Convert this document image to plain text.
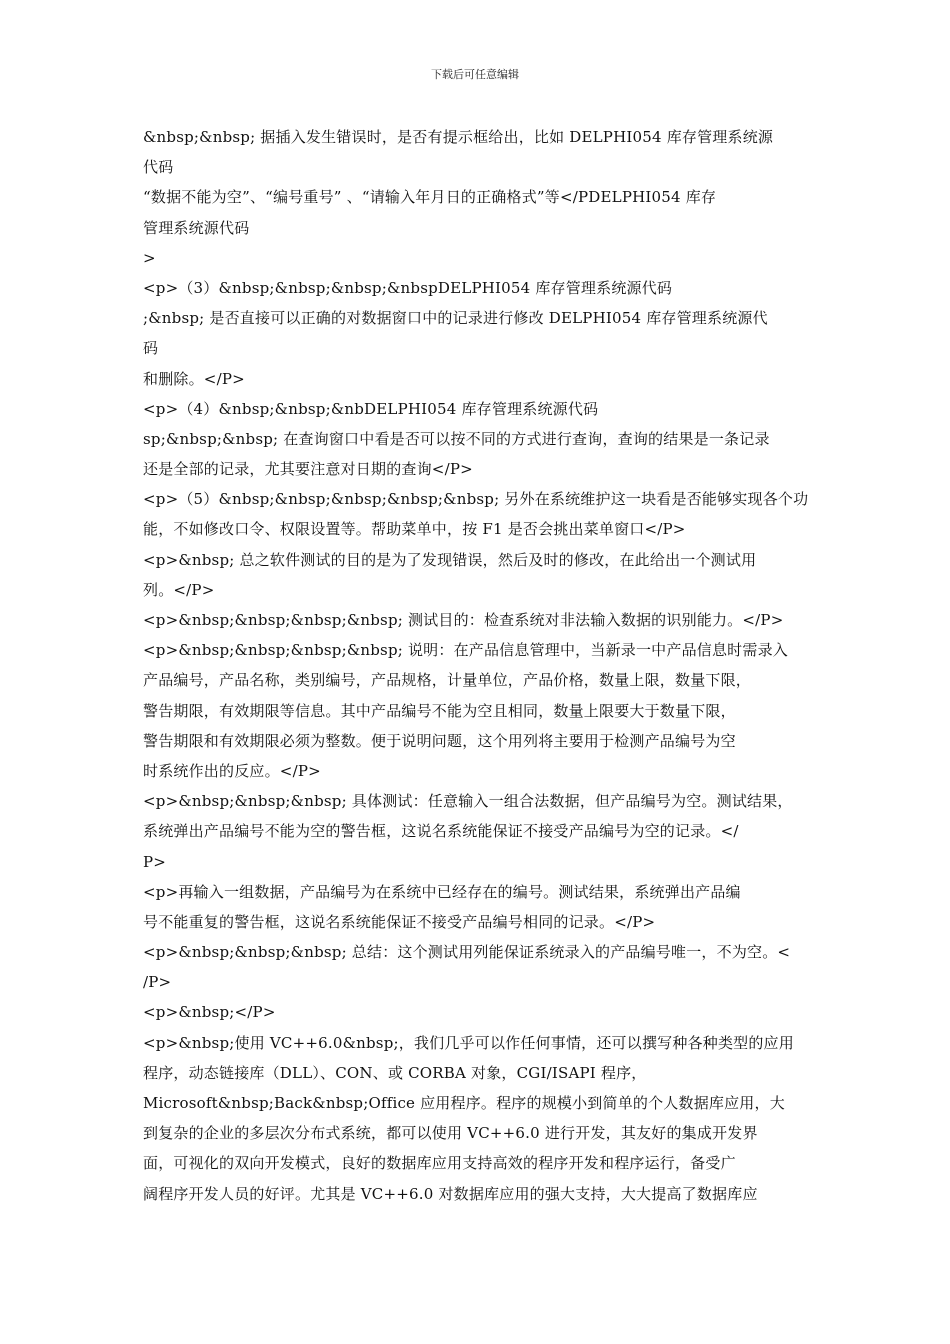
下载后可任意编辑
&nbsp;&nbsp; 据插入发生错误时，是否有提示框给出，比如 DELPHI054 库存管理系统源
代码
“数据不能为空”、“编号重号” 、“请输入年月日的正确格式”等</PDELPHI054 库存
管理系统源代码
>
<p>（3）&nbsp;&nbsp;&nbsp;&nbspDELPHI054 库存管理系统源代码
;&nbsp; 是否直接可以正确的对数据窗口中的记录进行修改 DELPHI054 库存管理系统源代
码
和删除。</P>
<p>（4）&nbsp;&nbsp;&nbDELPHI054 库存管理系统源代码
sp;&nbsp;&nbsp; 在查询窗口中看是否可以按不同的方式进行查询，查询的结果是一条记录
还是全部的记录，尤其要注意对日期的查询</P>
<p>（5）&nbsp;&nbsp;&nbsp;&nbsp;&nbsp; 另外在系统维护这一块看是否能够实现各个功
能，不如修改口令、权限设置等。帮助菜单中，按 F1 是否会挑出菜单窗口</P>
<p>&nbsp; 总之软件测试的目的是为了发现错误，然后及时的修改，在此给出一个测试用
列。</P>
<p>&nbsp;&nbsp;&nbsp;&nbsp; 测试目的：检查系统对非法输入数据的识别能力。</P>
<p>&nbsp;&nbsp;&nbsp;&nbsp; 说明：在产品信息管理中，当新录一中产品信息时需录入
产品编号，产品名称，类别编号，产品规格，计量单位，产品价格，数量上限，数量下限，
警告期限，有效期限等信息。其中产品编号不能为空且相同，数量上限要大于数量下限，
警告期限和有效期限必须为整数。便于说明问题，这个用列将主要用于检测产品编号为空
时系统作出的反应。</P>
<p>&nbsp;&nbsp;&nbsp; 具体测试：任意输入一组合法数据，但产品编号为空。测试结果，
系统弹出产品编号不能为空的警告框，这说名系统能保证不接受产品编号为空的记录。</
P>
<p>再输入一组数据，产品编号为在系统中已经存在的编号。测试结果，系统弹出产品编
号不能重复的警告框，这说名系统能保证不接受产品编号相同的记录。</P>
<p>&nbsp;&nbsp;&nbsp; 总结：这个测试用列能保证系统录入的产品编号唯一，不为空。<
/P>
<p>&nbsp;</P>
<p>&nbsp;使用 VC++6.0&nbsp;，我们几乎可以作任何事情，还可以撰写种各种类型的应用
程序，动态链接库（DLL）、CON、或 CORBA 对象，CGI/ISAPI 程序，
Microsoft&nbsp;Back&nbsp;Office 应用程序。程序的规模小到简单的个人数据库应用，大
到复杂的企业的多层次分布式系统，都可以使用 VC++6.0 进行开发，其友好的集成开发界
面，可视化的双向开发模式，良好的数据库应用支持高效的程序开发和程序运行，备受广
阔程序开发人员的好评。尤其是 VC++6.0 对数据库应用的强大支持，大大提高了数据库应
